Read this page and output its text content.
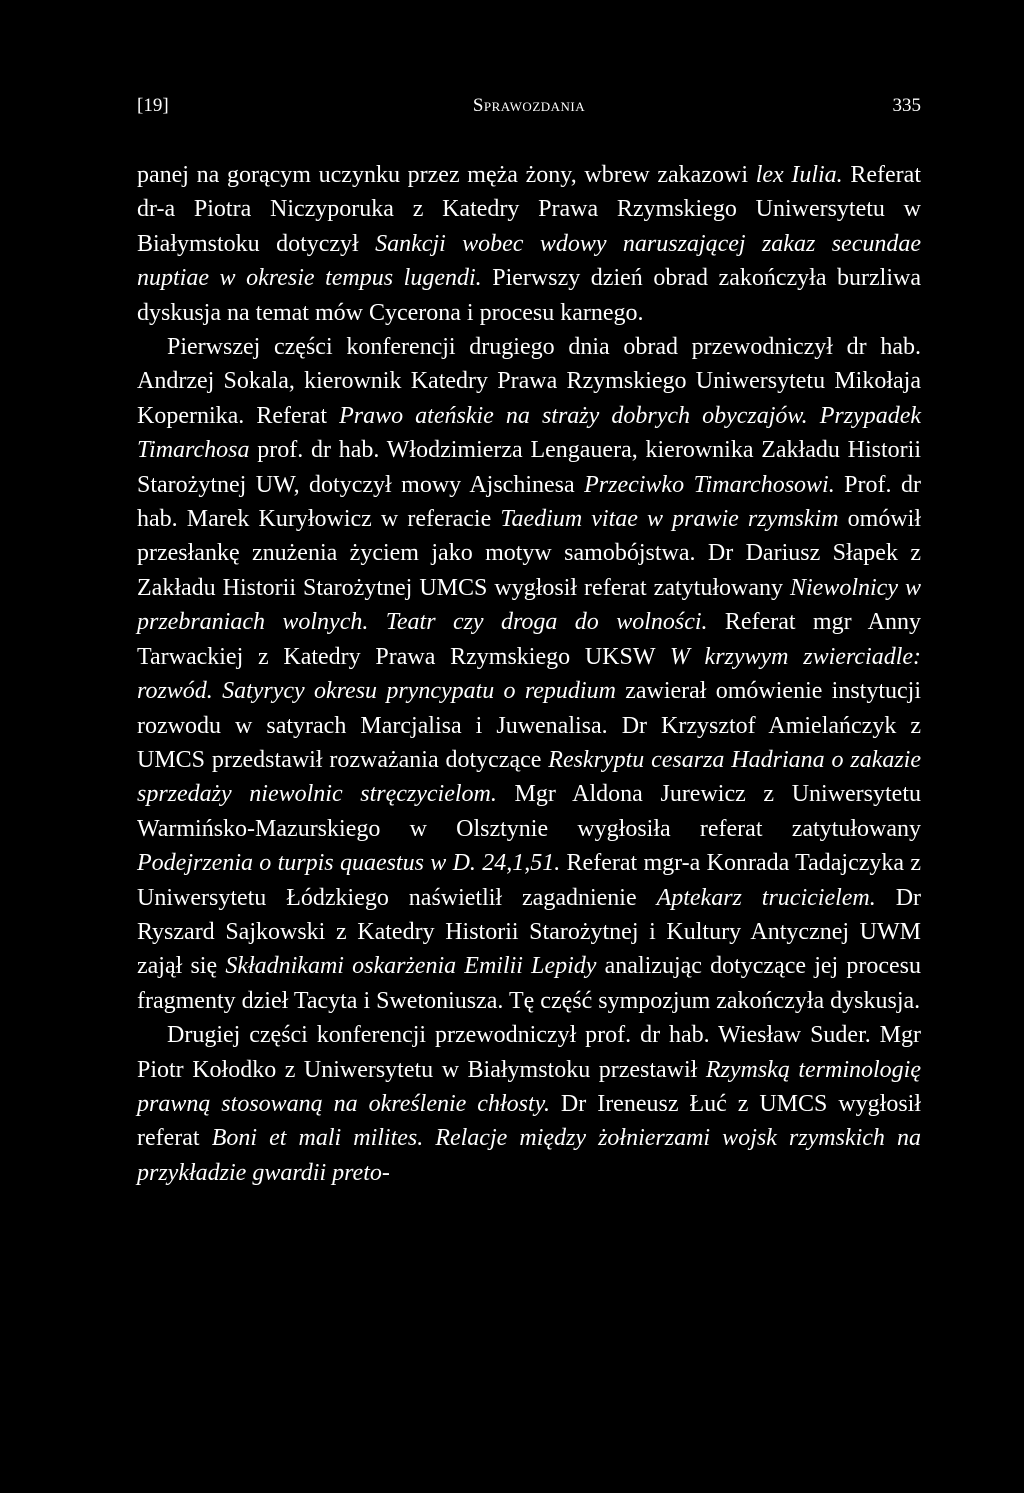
[19]	Sprawozdania	335

panej na gorącym uczynku przez męża żony, wbrew zakazowi lex Iulia. Referat dr-a Piotra Niczyporuka z Katedry Prawa Rzymskiego Uniwersytetu w Białymstoku dotyczył Sankcji wobec wdowy naruszającej zakaz secundae nuptiae w okresie tempus lugendi. Pierwszy dzień obrad zakończyła burzliwa dyskusja na temat mów Cycerona i procesu karnego.

Pierwszej części konferencji drugiego dnia obrad przewodniczył dr hab. Andrzej Sokala, kierownik Katedry Prawa Rzymskiego Uniwersytetu Mikołaja Kopernika. Referat Prawo ateńskie na straży dobrych obyczajów. Przypadek Timarchosa prof. dr hab. Włodzimierza Lengauera, kierownika Zakładu Historii Starożytnej UW, dotyczył mowy Ajschinesa Przeciwko Timarchosowi. Prof. dr hab. Marek Kuryłowicz w referacie Taedium vitae w prawie rzymskim omówił przesłankę znużenia życiem jako motyw samobójstwa. Dr Dariusz Słapek z Zakładu Historii Starożytnej UMCS wygłosił referat zatytułowany Niewolnicy w przebraniach wolnych. Teatr czy droga do wolności. Referat mgr Anny Tarwackiej z Katedry Prawa Rzymskiego UKSW W krzywym zwierciadle: rozwód. Satyrycy okresu pryncypatu o repudium zawierał omówienie instytucji rozwodu w satyrach Marcjalisa i Juwenalisa. Dr Krzysztof Amielańczyk z UMCS przedstawił rozważania dotyczące Reskryptu cesarza Hadriana o zakazie sprzedaży niewolnic stręczycielom. Mgr Aldona Jurewicz z Uniwersytetu Warmińsko-Mazurskiego w Olsztynie wygłosiła referat zatytułowany Podejrzenia o turpis quaestus w D. 24,1,51. Referat mgr-a Konrada Tadajczyka z Uniwersytetu Łódzkiego naświetlił zagadnienie Aptekarz trucicielem. Dr Ryszard Sajkowski z Katedry Historii Starożytnej i Kultury Antycznej UWM zajął się Składnikami oskarżenia Emilii Lepidy analizując dotyczące jej procesu fragmenty dzieł Tacyta i Swetoniusza. Tę część sympozjum zakończyła dyskusja.

Drugiej części konferencji przewodniczył prof. dr hab. Wiesław Suder. Mgr Piotr Kołodko z Uniwersytetu w Białymstoku przestawił Rzymską terminologię prawną stosowaną na określenie chłosty. Dr Ireneusz Łuć z UMCS wygłosił referat Boni et mali milites. Relacje między żołnierzami wojsk rzymskich na przykładzie gwardii preto-
